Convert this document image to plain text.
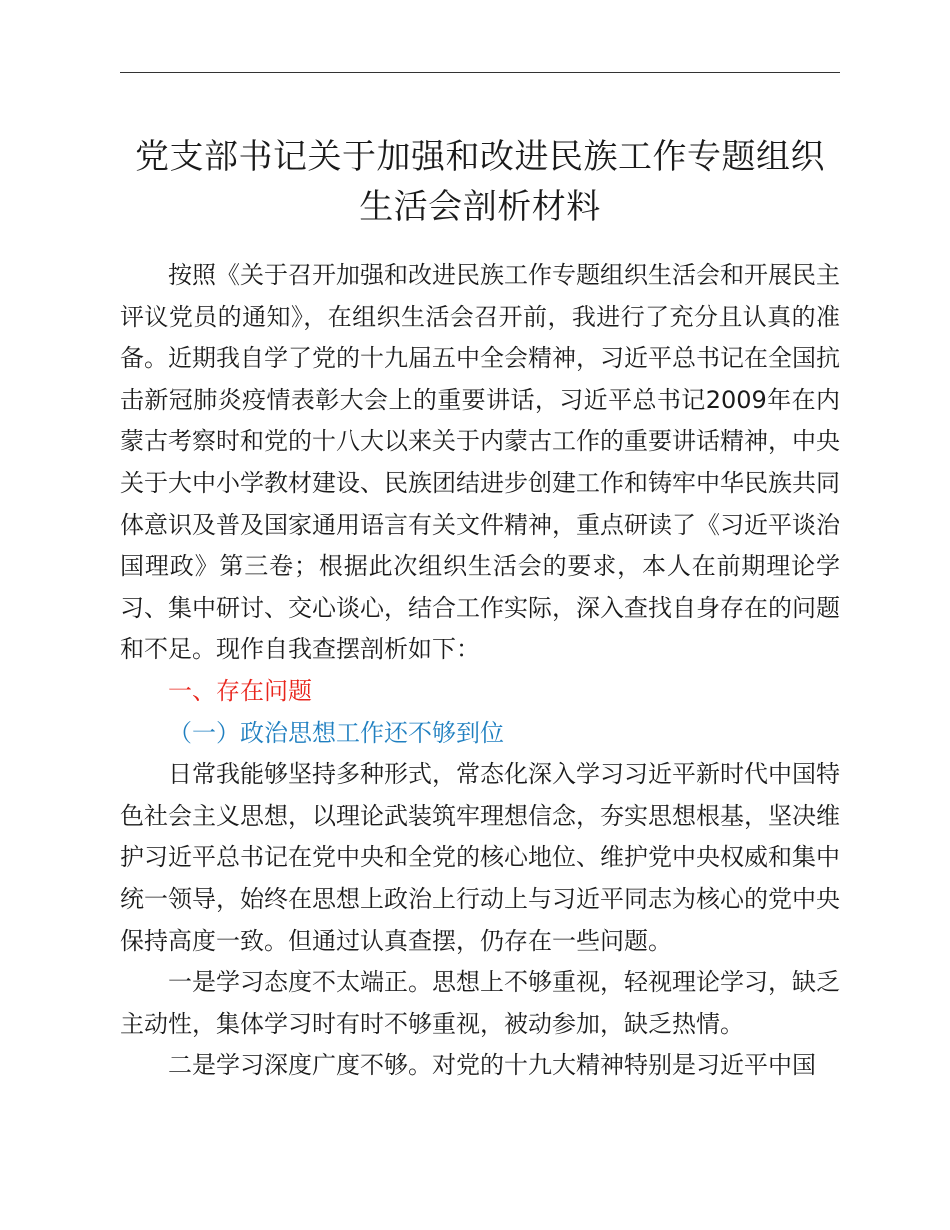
党支部书记关于加强和改进民族工作专题组织生活会剖析材料

按照《关于召开加强和改进民族工作专题组织生活会和开展民主评议党员的通知》，在组织生活会召开前，我进行了充分且认真的准备。近期我自学了党的十九届五中全会精神，习近平总书记在全国抗击新冠肺炎疫情表彰大会上的重要讲话，习近平总书记2009年在内蒙古考察时和党的十八大以来关于内蒙古工作的重要讲话精神，中央关于大中小学教材建设、民族团结进步创建工作和铸牢中华民族共同体意识及普及国家通用语言有关文件精神，重点研读了《习近平谈治国理政》第三卷；根据此次组织生活会的要求，本人在前期理论学习、集中研讨、交心谈心，结合工作实际，深入查找自身存在的问题和不足。现作自我查摆剖析如下：

一、存在问题

（一）政治思想工作还不够到位

日常我能够坚持多种形式，常态化深入学习习近平新时代中国特色社会主义思想，以理论武装筑牢理想信念，夯实思想根基，坚决维护习近平总书记在党中央和全党的核心地位、维护党中央权威和集中统一领导，始终在思想上政治上行动上与习近平同志为核心的党中央保持高度一致。但通过认真查摆，仍存在一些问题。

一是学习态度不太端正。思想上不够重视，轻视理论学习，缺乏主动性，集体学习时有时不够重视，被动参加，缺乏热情。

二是学习深度广度不够。对党的十九大精神特别是习近平中国
